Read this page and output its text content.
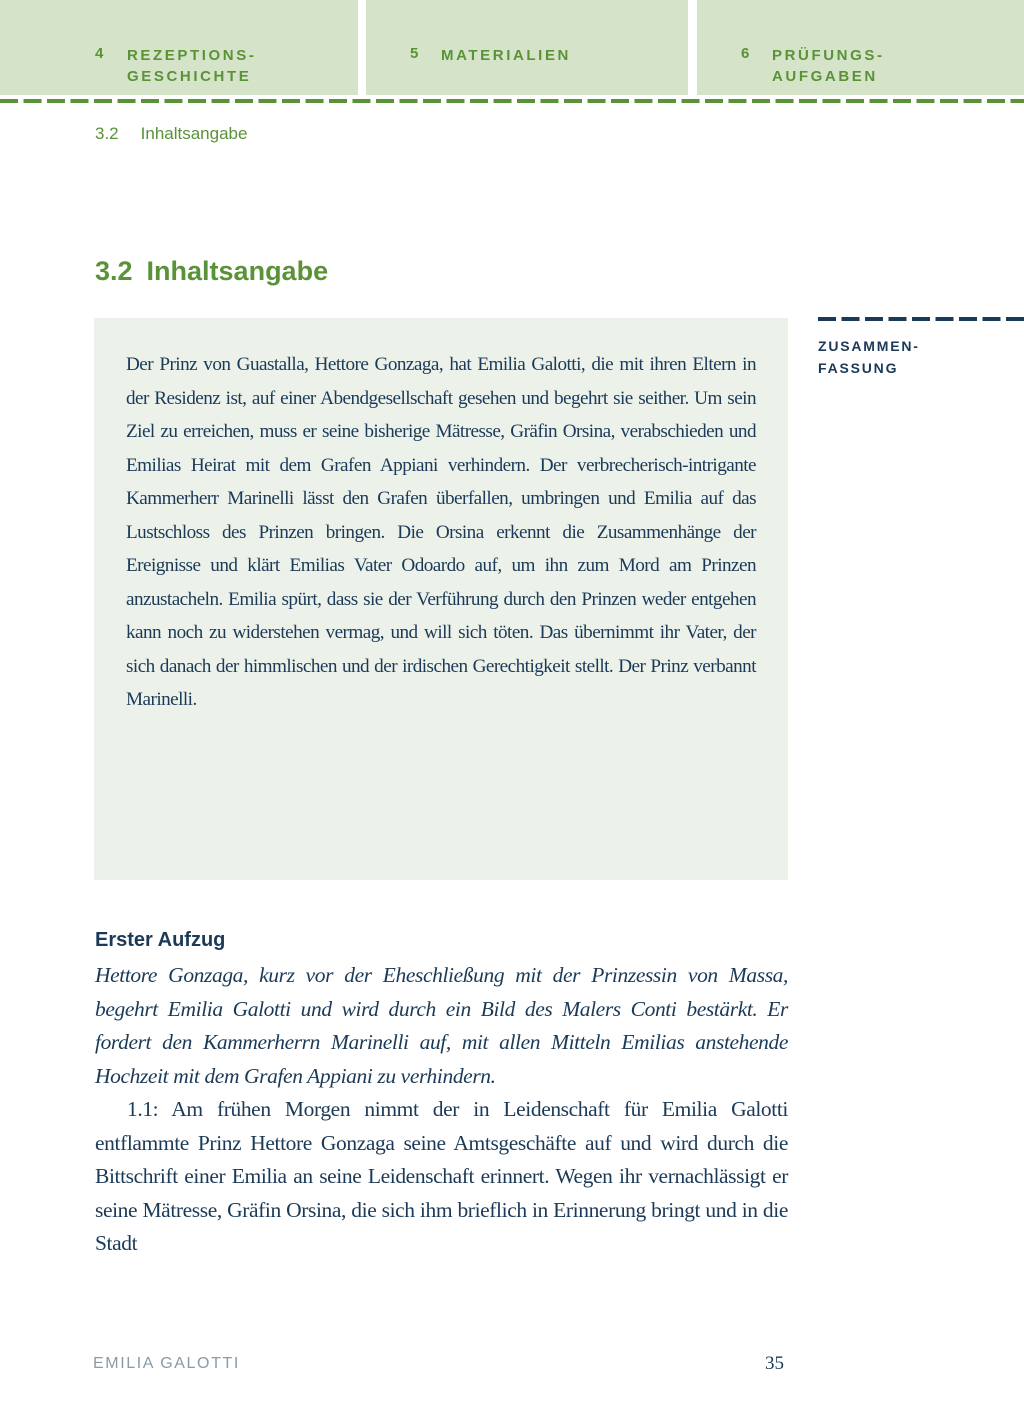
4 REZEPTIONS-
GESCHICHTE
5 MATERIALIEN	6 PRÜFUNGS-
AUFGABEN
3.2 Inhaltsangabe
3.2 Inhaltsangabe
Der Prinz von Guastalla, Hettore Gonzaga, hat Emilia Galotti, die mit ihren Eltern in der Residenz ist, auf einer Abendgesellschaft gesehen und begehrt sie seither. Um sein Ziel zu erreichen, muss er seine bisherige Mätresse, Gräfin Orsina, verabschieden und Emilias Heirat mit dem Grafen Appiani verhindern. Der verbrecherisch-intrigante Kammerherr Marinelli lässt den Grafen überfallen, umbringen und Emilia auf das Lustschloss des Prinzen bringen. Die Orsina erkennt die Zusammenhänge der Ereignisse und klärt Emilias Vater Odoardo auf, um ihn zum Mord am Prinzen anzustacheln. Emilia spürt, dass sie der Verführung durch den Prinzen weder entgehen kann noch zu widerstehen vermag, und will sich töten. Das übernimmt ihr Vater, der sich danach der himmlischen und der irdischen Gerechtigkeit stellt. Der Prinz verbannt Marinelli.
ZUSAMMEN-
FASSUNG
Erster Aufzug

Hettore Gonzaga, kurz vor der Eheschließung mit der Prinzessin von Massa, begehrt Emilia Galotti und wird durch ein Bild des Malers Conti bestärkt. Er fordert den Kammerherrn Marinelli auf, mit allen Mitteln Emilias anstehende Hochzeit mit dem Grafen Appiani zu verhindern.

1.1: Am frühen Morgen nimmt der in Leidenschaft für Emilia Galotti entflammte Prinz Hettore Gonzaga seine Amtsgeschäfte auf und wird durch die Bittschrift einer Emilia an seine Leidenschaft erinnert. Wegen ihr vernachlässigt er seine Mätresse, Gräfin Orsina, die sich ihm brieflich in Erinnerung bringt und in die Stadt

EMILIA GALOTTI	35
